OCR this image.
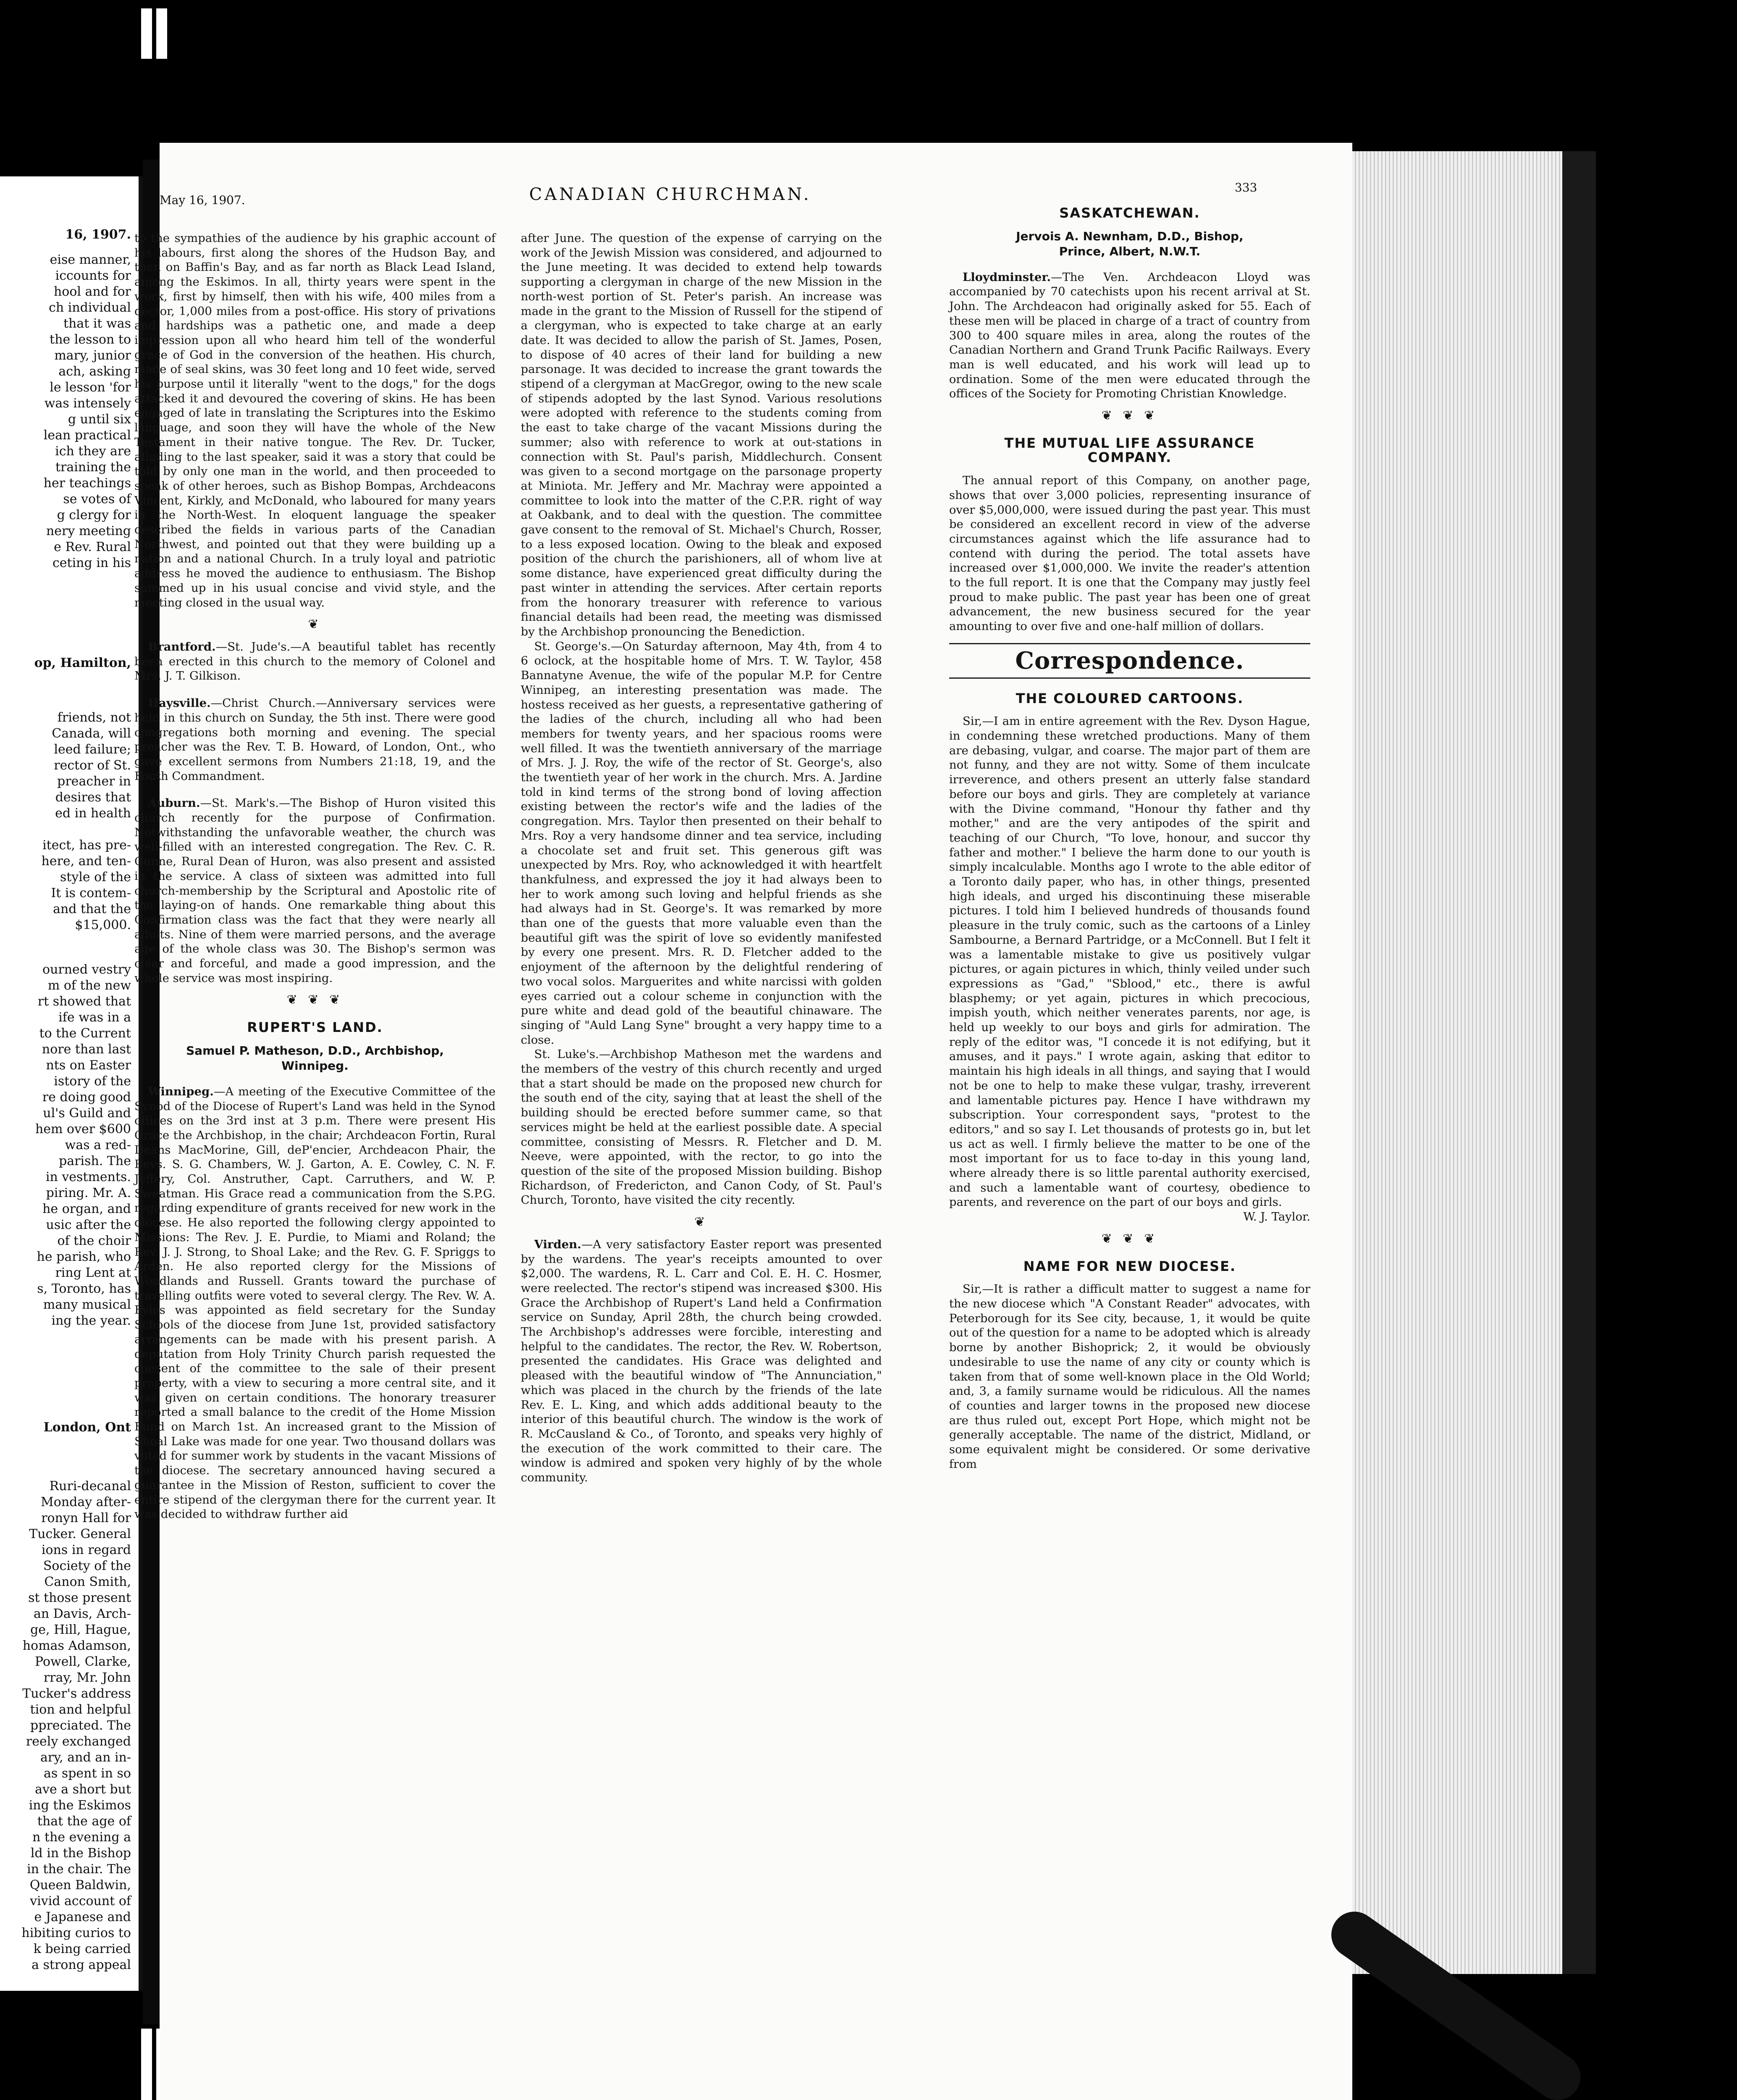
16, 1907.
eise manner,
iccounts for
hool and for
ch individual
that it was
the lesson to
mary, junior
ach, asking
le lesson 'for
was intensely
g until six
lean practical
ich they are
training the
her teachings
se votes of
g clergy for
nery meeting
e Rev. Rural
ceting in his
op, Hamilton,
friends, not
Canada, will
leed failure;
rector of St.
preacher in
desires that
ed in health

itect, has pre-
here, and ten-
style of the
It is contem-
and that the
$15,000.
ourned vestry
m of the new
rt showed that
ife was in a
to the Current
nore than last
nts on Easter
istory of the
re doing good
ul's Guild and
hem over $600
was a red-
parish. The
in vestments.
piring. Mr. A.
he organ, and
usic after the
of the choir
he parish, who
ring Lent at
s, Toronto, has
many musical
ing the year.
London, Ont
Ruri-decanal
Monday after-
ronyn Hall for
Tucker. General
ions in regard
Society of the
Canon Smith,
st those present
an Davis, Arch-
ge, Hill, Hague,
homas Adamson,
Powell, Clarke,
rray, Mr. John
Tucker's address
tion and helpful
ppreciated. The
reely exchanged
ary, and an in-
as spent in so
ave a short but
ing the Eskimos
that the age of
n the evening a
ld in the Bishop
in the chair. The
Queen Baldwin,
vivid account of
e Japanese and
hibiting curios to
k being carried
a strong appeal
May 16, 1907.	CANADIAN CHURCHMAN.	333

to the sympathies of the audience by his graphic account of his labours, first along the shores of the Hudson Bay, and then on Baffin's Bay, and as far north as Black Lead Island, among the Eskimos. In all, thirty years were spent in the work, first by himself, then with his wife, 400 miles from a doctor, 1,000 miles from a post-office. His story of privations and hardships was a pathetic one, and made a deep impression upon all who heard him tell of the wonderful grace of God in the conversion of the heathen. His church, made of seal skins, was 30 feet long and 10 feet wide, served his purpose until it literally "went to the dogs," for the dogs attacked it and devoured the covering of skins. He has been engaged of late in translating the Scriptures into the Eskimo language, and soon they will have the whole of the New Testament in their native tongue. The Rev. Dr. Tucker, alluding to the last speaker, said it was a story that could be told by only one man in the world, and then proceeded to speak of other heroes, such as Bishop Bompas, Archdeacons Vincent, Kirkly, and McDonald, who laboured for many years in the North-West. In eloquent language the speaker described the fields in various parts of the Canadian Northwest, and pointed out that they were building up a nation and a national Church. In a truly loyal and patriotic address he moved the audience to enthusiasm. The Bishop summed up in his usual concise and vivid style, and the meeting closed in the usual way.

❦

Brantford.—St. Jude's.—A beautiful tablet has recently been erected in this church to the memory of Colonel and Mrs. J. T. Gilkison.

Haysville.—Christ Church.—Anniversary services were held in this church on Sunday, the 5th inst. There were good congregations both morning and evening. The special preacher was the Rev. T. B. Howard, of London, Ont., who gave excellent sermons from Numbers 21:18, 19, and the Fouth Commandment.

Auburn.—St. Mark's.—The Bishop of Huron visited this church recently for the purpose of Confirmation. Notwithstanding the unfavorable weather, the church was well-filled with an interested congregation. The Rev. C. R. Gunne, Rural Dean of Huron, was also present and assisted in the service. A class of sixteen was admitted into full church-membership by the Scriptural and Apostolic rite of the laying-on of hands. One remarkable thing about this Confirmation class was the fact that they were nearly all adults. Nine of them were married persons, and the average age of the whole class was 30. The Bishop's sermon was clear and forceful, and made a good impression, and the whole service was most inspiring.

❦ ❦ ❦
RUPERT'S LAND.
Samuel P. Matheson, D.D., Archbishop,
Winnipeg.

Winnipeg.—A meeting of the Executive Committee of the Synod of the Diocese of Rupert's Land was held in the Synod offices on the 3rd inst at 3 p.m. There were present His Grace the Archbishop, in the chair; Archdeacon Fortin, Rural Deans MacMorine, Gill, deP'encier, Archdeacon Phair, the Revs. S. G. Chambers, W. J. Garton, A. E. Cowley, C. N. F. Jeffery, Col. Anstruther, Capt. Carruthers, and W. P. Sweatman. His Grace read a communication from the S.P.G. regarding expenditure of grants received for new work in the diocese. He also reported the following clergy appointed to Missions: The Rev. J. E. Purdie, to Miami and Roland; the Rev. J. J. Strong, to Shoal Lake; and the Rev. G. F. Spriggs to Arden. He also reported clergy for the Missions of Woodlands and Russell. Grants toward the purchase of travelling outfits were voted to several clergy. The Rev. W. A. Fyles was appointed as field secretary for the Sunday Schools of the diocese from June 1st, provided satisfactory arrangements can be made with his present parish. A deputation from Holy Trinity Church parish requested the consent of the committee to the sale of their present property, with a view to securing a more central site, and it was given on certain conditions. The honorary treasurer reported a small balance to the credit of the Home Mission Fund on March 1st. An increased grant to the Mission of Shoal Lake was made for one year. Two thousand dollars was voted for summer work by students in the vacant Missions of the diocese. The secretary announced having secured a guarantee in the Mission of Reston, sufficient to cover the entire stipend of the clergyman there for the current year. It was decided to withdraw further aid

after June. The question of the expense of carrying on the work of the Jewish Mission was considered, and adjourned to the June meeting. It was decided to extend help towards supporting a clergyman in charge of the new Mission in the north-west portion of St. Peter's parish. An increase was made in the grant to the Mission of Russell for the stipend of a clergyman, who is expected to take charge at an early date. It was decided to allow the parish of St. James, Posen, to dispose of 40 acres of their land for building a new parsonage. It was decided to increase the grant towards the stipend of a clergyman at MacGregor, owing to the new scale of stipends adopted by the last Synod. Various resolutions were adopted with reference to the students coming from the east to take charge of the vacant Missions during the summer; also with reference to work at out-stations in connection with St. Paul's parish, Middlechurch. Consent was given to a second mortgage on the parsonage property at Miniota. Mr. Jeffery and Mr. Machray were appointed a committee to look into the matter of the C.P.R. right of way at Oakbank, and to deal with the question. The committee gave consent to the removal of St. Michael's Church, Rosser, to a less exposed location. Owing to the bleak and exposed position of the church the parishioners, all of whom live at some distance, have experienced great difficulty during the past winter in attending the services. After certain reports from the honorary treasurer with reference to various financial details had been read, the meeting was dismissed by the Archbishop pronouncing the Benediction.

St. George's.—On Saturday afternoon, May 4th, from 4 to 6 oclock, at the hospitable home of Mrs. T. W. Taylor, 458 Bannatyne Avenue, the wife of the popular M.P. for Centre Winnipeg, an interesting presentation was made. The hostess received as her guests, a representative gathering of the ladies of the church, including all who had been members for twenty years, and her spacious rooms were well filled. It was the twentieth anniversary of the marriage of Mrs. J. J. Roy, the wife of the rector of St. George's, also the twentieth year of her work in the church. Mrs. A. Jardine told in kind terms of the strong bond of loving affection existing between the rector's wife and the ladies of the congregation. Mrs. Taylor then presented on their behalf to Mrs. Roy a very handsome dinner and tea service, including a chocolate set and fruit set. This generous gift was unexpected by Mrs. Roy, who acknowledged it with heartfelt thankfulness, and expressed the joy it had always been to her to work among such loving and helpful friends as she had always had in St. George's. It was remarked by more than one of the guests that more valuable even than the beautiful gift was the spirit of love so evidently manifested by every one present. Mrs. R. D. Fletcher added to the enjoyment of the afternoon by the delightful rendering of two vocal solos. Marguerites and white narcissi with golden eyes carried out a colour scheme in conjunction with the pure white and dead gold of the beautiful chinaware. The singing of "Auld Lang Syne" brought a very happy time to a close.

St. Luke's.—Archbishop Matheson met the wardens and the members of the vestry of this church recently and urged that a start should be made on the proposed new church for the south end of the city, saying that at least the shell of the building should be erected before summer came, so that services might be held at the earliest possible date. A special committee, consisting of Messrs. R. Fletcher and D. M. Neeve, were appointed, with the rector, to go into the question of the site of the proposed Mission building. Bishop Richardson, of Fredericton, and Canon Cody, of St. Paul's Church, Toronto, have visited the city recently.

❦

Virden.—A very satisfactory Easter report was presented by the wardens. The year's receipts amounted to over $2,000. The wardens, R. L. Carr and Col. E. H. C. Hosmer, were reelected. The rector's stipend was increased $300. His Grace the Archbishop of Rupert's Land held a Confirmation service on Sunday, April 28th, the church being crowded. The Archbishop's addresses were forcible, interesting and helpful to the candidates. The rector, the Rev. W. Robertson, presented the candidates. His Grace was delighted and pleased with the beautiful window of "The Annunciation," which was placed in the church by the friends of the late Rev. E. L. King, and which adds additional beauty to the interior of this beautiful church. The window is the work of R. McCausland & Co., of Toronto, and speaks very highly of the execution of the work committed to their care. The window is admired and spoken very highly of by the whole community.

SASKATCHEWAN.
Jervois A. Newnham, D.D., Bishop,
Prince, Albert, N.W.T.

Lloydminster.—The Ven. Archdeacon Lloyd was accompanied by 70 catechists upon his recent arrival at St. John. The Archdeacon had originally asked for 55. Each of these men will be placed in charge of a tract of country from 300 to 400 square miles in area, along the routes of the Canadian Northern and Grand Trunk Pacific Railways. Every man is well educated, and his work will lead up to ordination. Some of the men were educated through the offices of the Society for Promoting Christian Knowledge.

❦ ❦ ❦
THE MUTUAL LIFE ASSURANCE
COMPANY.

The annual report of this Company, on another page, shows that over 3,000 policies, representing insurance of over $5,000,000, were issued during the past year. This must be considered an excellent record in view of the adverse circumstances against which the life assurance had to contend with during the period. The total assets have increased over $1,000,000. We invite the reader's attention to the full report. It is one that the Company may justly feel proud to make public. The past year has been one of great advancement, the new business secured for the year amounting to over five and one-half million of dollars.

Correspondence.
THE COLOURED CARTOONS.

Sir,—I am in entire agreement with the Rev. Dyson Hague, in condemning these wretched productions. Many of them are debasing, vulgar, and coarse. The major part of them are not funny, and they are not witty. Some of them inculcate irreverence, and others present an utterly false standard before our boys and girls. They are completely at variance with the Divine command, "Honour thy father and thy mother," and are the very antipodes of the spirit and teaching of our Church, "To love, honour, and succor thy father and mother." I believe the harm done to our youth is simply incalculable. Months ago I wrote to the able editor of a Toronto daily paper, who has, in other things, presented high ideals, and urged his discontinuing these miserable pictures. I told him I believed hundreds of thousands found pleasure in the truly comic, such as the cartoons of a Linley Sambourne, a Bernard Partridge, or a McConnell. But I felt it was a lamentable mistake to give us positively vulgar pictures, or again pictures in which, thinly veiled under such expressions as "Gad," "Sblood," etc., there is awful blasphemy; or yet again, pictures in which precocious, impish youth, which neither venerates parents, nor age, is held up weekly to our boys and girls for admiration. The reply of the editor was, "I concede it is not edifying, but it amuses, and it pays." I wrote again, asking that editor to maintain his high ideals in all things, and saying that I would not be one to help to make these vulgar, trashy, irreverent and lamentable pictures pay. Hence I have withdrawn my subscription. Your correspondent says, "protest to the editors," and so say I. Let thousands of protests go in, but let us act as well. I firmly believe the matter to be one of the most important for us to face to-day in this young land, where already there is so little parental authority exercised, and such a lamentable want of courtesy, obedience to parents, and reverence on the part of our boys and girls.

W. J. Taylor.

❦ ❦ ❦
NAME FOR NEW DIOCESE.

Sir,—It is rather a difficult matter to suggest a name for the new diocese which "A Constant Reader" advocates, with Peterborough for its See city, because, 1, it would be quite out of the question for a name to be adopted which is already borne by another Bishoprick; 2, it would be obviously undesirable to use the name of any city or county which is taken from that of some well-known place in the Old World; and, 3, a family surname would be ridiculous. All the names of counties and larger towns in the proposed new diocese are thus ruled out, except Port Hope, which might not be generally acceptable. The name of the district, Midland, or some equivalent might be considered. Or some derivative from
